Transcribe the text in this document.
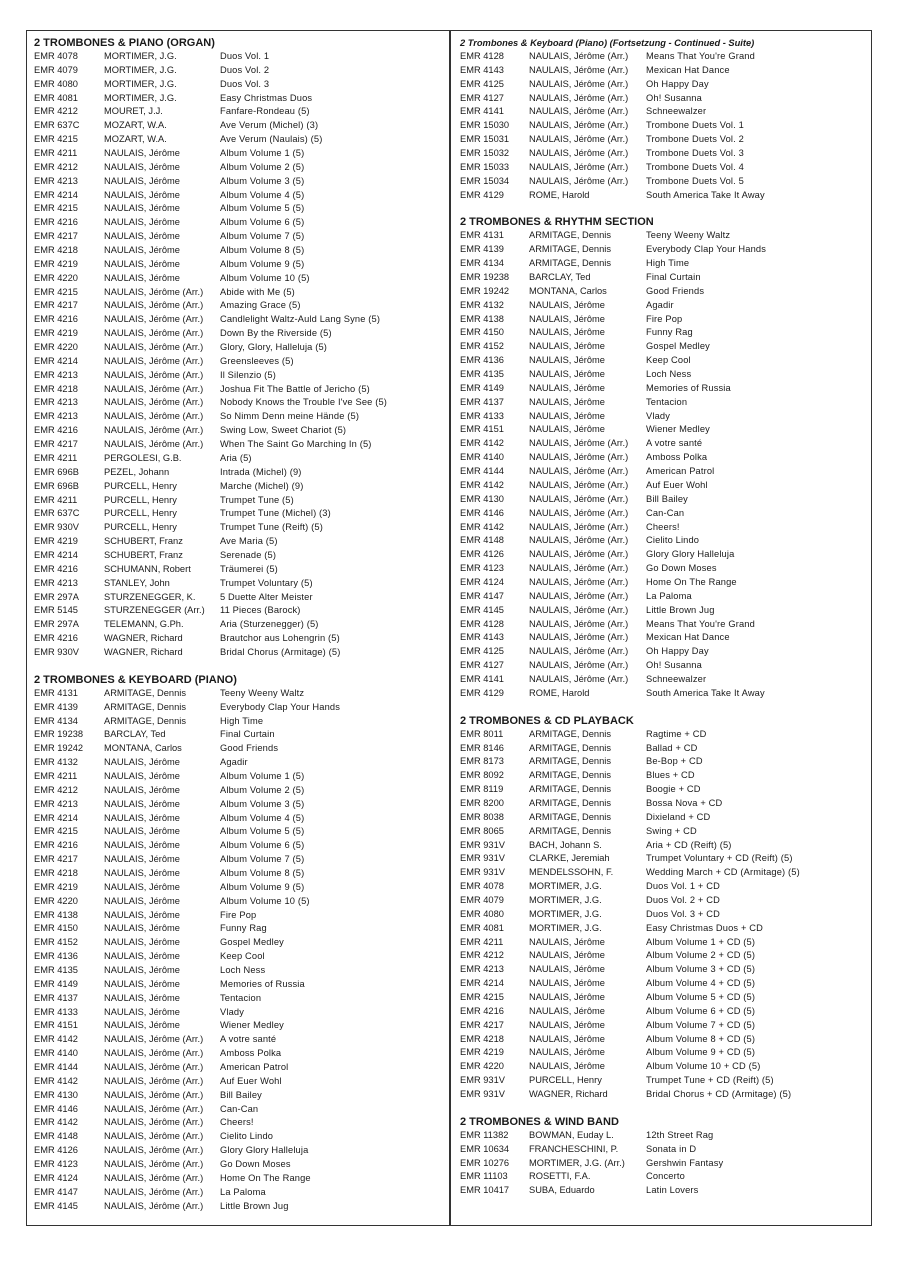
2 TROMBONES & PIANO (ORGAN)
EMR 4078	MORTIMER, J.G.	Duos Vol. 1
EMR 4079	MORTIMER, J.G.	Duos Vol. 2
EMR 4080	MORTIMER, J.G.	Duos Vol. 3
EMR 4081	MORTIMER, J.G.	Easy Christmas Duos
EMR 4212	MOURET, J.J.	Fanfare-Rondeau (5)
EMR 637C	MOZART, W.A.	Ave Verum (Michel) (3)
EMR 4215	MOZART, W.A.	Ave Verum (Naulais) (5)
EMR 4211	NAULAIS, Jérôme	Album Volume 1 (5)
EMR 4212	NAULAIS, Jérôme	Album Volume 2 (5)
EMR 4213	NAULAIS, Jérôme	Album Volume 3 (5)
EMR 4214	NAULAIS, Jérôme	Album Volume 4 (5)
EMR 4215	NAULAIS, Jérôme	Album Volume 5 (5)
EMR 4216	NAULAIS, Jérôme	Album Volume 6 (5)
EMR 4217	NAULAIS, Jérôme	Album Volume 7 (5)
EMR 4218	NAULAIS, Jérôme	Album Volume 8 (5)
EMR 4219	NAULAIS, Jérôme	Album Volume 9 (5)
EMR 4220	NAULAIS, Jérôme	Album Volume 10 (5)
EMR 4215	NAULAIS, Jérôme (Arr.)	Abide with Me (5)
EMR 4217	NAULAIS, Jérôme (Arr.)	Amazing Grace (5)
EMR 4216	NAULAIS, Jérôme (Arr.)	Candlelight Waltz-Auld Lang Syne (5)
EMR 4219	NAULAIS, Jérôme (Arr.)	Down By the Riverside (5)
EMR 4220	NAULAIS, Jérôme (Arr.)	Glory, Glory, Halleluja (5)
EMR 4214	NAULAIS, Jérôme (Arr.)	Greensleeves (5)
EMR 4213	NAULAIS, Jérôme (Arr.)	Il Silenzio (5)
EMR 4218	NAULAIS, Jérôme (Arr.)	Joshua Fit The Battle of Jericho (5)
EMR 4213	NAULAIS, Jérôme (Arr.)	Nobody Knows the Trouble I've See (5)
EMR 4213	NAULAIS, Jérôme (Arr.)	So Nimm Denn meine Hände (5)
EMR 4216	NAULAIS, Jérôme (Arr.)	Swing Low, Sweet Chariot (5)
EMR 4217	NAULAIS, Jérôme (Arr.)	When The Saint Go Marching In (5)
EMR 4211	PERGOLESI, G.B.	Aria (5)
EMR 696B	PEZEL, Johann	Intrada (Michel) (9)
EMR 696B	PURCELL, Henry	Marche (Michel) (9)
EMR 4211	PURCELL, Henry	Trumpet Tune (5)
EMR 637C	PURCELL, Henry	Trumpet Tune (Michel) (3)
EMR 930V	PURCELL, Henry	Trumpet Tune (Reift) (5)
EMR 4219	SCHUBERT, Franz	Ave Maria (5)
EMR 4214	SCHUBERT, Franz	Serenade (5)
EMR 4216	SCHUMANN, Robert	Träumerei (5)
EMR 4213	STANLEY, John	Trumpet Voluntary (5)
EMR 297A	STURZENEGGER, K.	5 Duette Alter Meister
EMR 5145	STURZENEGGER (Arr.)	11 Pieces (Barock)
EMR 297A	TELEMANN, G.Ph.	Aria (Sturzenegger) (5)
EMR 4216	WAGNER, Richard	Brautchor aus Lohengrin (5)
EMR 930V	WAGNER, Richard	Bridal Chorus (Armitage) (5)
2 TROMBONES & KEYBOARD (PIANO)
EMR 4131	ARMITAGE, Dennis	Teeny Weeny Waltz
EMR 4139	ARMITAGE, Dennis	Everybody Clap Your Hands
EMR 4134	ARMITAGE, Dennis	High Time
EMR 19238	BARCLAY, Ted	Final Curtain
EMR 19242	MONTANA, Carlos	Good Friends
EMR 4132	NAULAIS, Jérôme	Agadir
EMR 4211	NAULAIS, Jérôme	Album Volume 1 (5)
EMR 4212	NAULAIS, Jérôme	Album Volume 2 (5)
EMR 4213	NAULAIS, Jérôme	Album Volume 3 (5)
EMR 4214	NAULAIS, Jérôme	Album Volume 4 (5)
EMR 4215	NAULAIS, Jérôme	Album Volume 5 (5)
EMR 4216	NAULAIS, Jérôme	Album Volume 6 (5)
EMR 4217	NAULAIS, Jérôme	Album Volume 7 (5)
EMR 4218	NAULAIS, Jérôme	Album Volume 8 (5)
EMR 4219	NAULAIS, Jérôme	Album Volume 9 (5)
EMR 4220	NAULAIS, Jérôme	Album Volume 10 (5)
EMR 4138	NAULAIS, Jérôme	Fire Pop
EMR 4150	NAULAIS, Jérôme	Funny Rag
EMR 4152	NAULAIS, Jérôme	Gospel Medley
EMR 4136	NAULAIS, Jérôme	Keep Cool
EMR 4135	NAULAIS, Jérôme	Loch Ness
EMR 4149	NAULAIS, Jérôme	Memories of Russia
EMR 4137	NAULAIS, Jérôme	Tentacion
EMR 4133	NAULAIS, Jérôme	Vlady
EMR 4151	NAULAIS, Jérôme	Wiener Medley
EMR 4142	NAULAIS, Jérôme (Arr.)	A votre santé
EMR 4140	NAULAIS, Jérôme (Arr.)	Amboss Polka
EMR 4144	NAULAIS, Jérôme (Arr.)	American Patrol
EMR 4142	NAULAIS, Jérôme (Arr.)	Auf Euer Wohl
EMR 4130	NAULAIS, Jérôme (Arr.)	Bill Bailey
EMR 4146	NAULAIS, Jérôme (Arr.)	Can-Can
EMR 4142	NAULAIS, Jérôme (Arr.)	Cheers!
EMR 4148	NAULAIS, Jérôme (Arr.)	Cielito Lindo
EMR 4126	NAULAIS, Jérôme (Arr.)	Glory Glory Halleluja
EMR 4123	NAULAIS, Jérôme (Arr.)	Go Down Moses
EMR 4124	NAULAIS, Jérôme (Arr.)	Home On The Range
EMR 4147	NAULAIS, Jérôme (Arr.)	La Paloma
EMR 4145	NAULAIS, Jérôme (Arr.)	Little Brown Jug
2 Trombones & Keyboard (Piano) (Fortsetzung - Continued - Suite)
EMR 4128	NAULAIS, Jérôme (Arr.)	Means That You're Grand
EMR 4143	NAULAIS, Jérôme (Arr.)	Mexican Hat Dance
EMR 4125	NAULAIS, Jérôme (Arr.)	Oh Happy Day
EMR 4127	NAULAIS, Jérôme (Arr.)	Oh! Susanna
EMR 4141	NAULAIS, Jérôme (Arr.)	Schneewalzer
EMR 15030	NAULAIS, Jérôme (Arr.)	Trombone Duets Vol. 1
EMR 15031	NAULAIS, Jérôme (Arr.)	Trombone Duets Vol. 2
EMR 15032	NAULAIS, Jérôme (Arr.)	Trombone Duets Vol. 3
EMR 15033	NAULAIS, Jérôme (Arr.)	Trombone Duets Vol. 4
EMR 15034	NAULAIS, Jérôme (Arr.)	Trombone Duets Vol. 5
EMR 4129	ROME, Harold	South America Take It Away
2 TROMBONES & RHYTHM SECTION
EMR 4131	ARMITAGE, Dennis	Teeny Weeny Waltz
EMR 4139	ARMITAGE, Dennis	Everybody Clap Your Hands
EMR 4134	ARMITAGE, Dennis	High Time
EMR 19238	BARCLAY, Ted	Final Curtain
EMR 19242	MONTANA, Carlos	Good Friends
EMR 4132	NAULAIS, Jérôme	Agadir
EMR 4138	NAULAIS, Jérôme	Fire Pop
EMR 4150	NAULAIS, Jérôme	Funny Rag
EMR 4152	NAULAIS, Jérôme	Gospel Medley
EMR 4136	NAULAIS, Jérôme	Keep Cool
EMR 4135	NAULAIS, Jérôme	Loch Ness
EMR 4149	NAULAIS, Jérôme	Memories of Russia
EMR 4137	NAULAIS, Jérôme	Tentacion
EMR 4133	NAULAIS, Jérôme	Vlady
EMR 4151	NAULAIS, Jérôme	Wiener Medley
EMR 4142	NAULAIS, Jérôme (Arr.)	A votre santé
EMR 4140	NAULAIS, Jérôme (Arr.)	Amboss Polka
EMR 4144	NAULAIS, Jérôme (Arr.)	American Patrol
EMR 4142	NAULAIS, Jérôme (Arr.)	Auf Euer Wohl
EMR 4130	NAULAIS, Jérôme (Arr.)	Bill Bailey
EMR 4146	NAULAIS, Jérôme (Arr.)	Can-Can
EMR 4142	NAULAIS, Jérôme (Arr.)	Cheers!
EMR 4148	NAULAIS, Jérôme (Arr.)	Cielito Lindo
EMR 4126	NAULAIS, Jérôme (Arr.)	Glory Glory Halleluja
EMR 4123	NAULAIS, Jérôme (Arr.)	Go Down Moses
EMR 4124	NAULAIS, Jérôme (Arr.)	Home On The Range
EMR 4147	NAULAIS, Jérôme (Arr.)	La Paloma
EMR 4145	NAULAIS, Jérôme (Arr.)	Little Brown Jug
EMR 4128	NAULAIS, Jérôme (Arr.)	Means That You're Grand
EMR 4143	NAULAIS, Jérôme (Arr.)	Mexican Hat Dance
EMR 4125	NAULAIS, Jérôme (Arr.)	Oh Happy Day
EMR 4127	NAULAIS, Jérôme (Arr.)	Oh! Susanna
EMR 4141	NAULAIS, Jérôme (Arr.)	Schneewalzer
EMR 4129	ROME, Harold	South America Take It Away
2 TROMBONES & CD PLAYBACK
EMR 8011	ARMITAGE, Dennis	Ragtime + CD
EMR 8146	ARMITAGE, Dennis	Ballad + CD
EMR 8173	ARMITAGE, Dennis	Be-Bop + CD
EMR 8092	ARMITAGE, Dennis	Blues + CD
EMR 8119	ARMITAGE, Dennis	Boogie + CD
EMR 8200	ARMITAGE, Dennis	Bossa Nova + CD
EMR 8038	ARMITAGE, Dennis	Dixieland + CD
EMR 8065	ARMITAGE, Dennis	Swing + CD
EMR 931V	BACH, Johann S.	Aria + CD (Reift) (5)
EMR 931V	CLARKE, Jeremiah	Trumpet Voluntary + CD (Reift) (5)
EMR 931V	MENDELSSOHN, F.	Wedding March + CD (Armitage) (5)
EMR 4078	MORTIMER, J.G.	Duos Vol. 1 + CD
EMR 4079	MORTIMER, J.G.	Duos Vol. 2 + CD
EMR 4080	MORTIMER, J.G.	Duos Vol. 3 + CD
EMR 4081	MORTIMER, J.G.	Easy Christmas Duos + CD
EMR 4211	NAULAIS, Jérôme	Album Volume 1 + CD (5)
EMR 4212	NAULAIS, Jérôme	Album Volume 2 + CD (5)
EMR 4213	NAULAIS, Jérôme	Album Volume 3 + CD (5)
EMR 4214	NAULAIS, Jérôme	Album Volume 4 + CD (5)
EMR 4215	NAULAIS, Jérôme	Album Volume 5 + CD (5)
EMR 4216	NAULAIS, Jérôme	Album Volume 6 + CD (5)
EMR 4217	NAULAIS, Jérôme	Album Volume 7 + CD (5)
EMR 4218	NAULAIS, Jérôme	Album Volume 8 + CD (5)
EMR 4219	NAULAIS, Jérôme	Album Volume 9 + CD (5)
EMR 4220	NAULAIS, Jérôme	Album Volume 10 + CD (5)
EMR 931V	PURCELL, Henry	Trumpet Tune + CD (Reift) (5)
EMR 931V	WAGNER, Richard	Bridal Chorus + CD (Armitage) (5)
2 TROMBONES & WIND BAND
EMR 11382	BOWMAN, Euday L.	12th Street Rag
EMR 10634	FRANCHESCHINI, P.	Sonata in D
EMR 10276	MORTIMER, J.G. (Arr.)	Gershwin Fantasy
EMR 11103	ROSETTI, F.A.	Concerto
EMR 10417	SUBA, Eduardo	Latin Lovers
